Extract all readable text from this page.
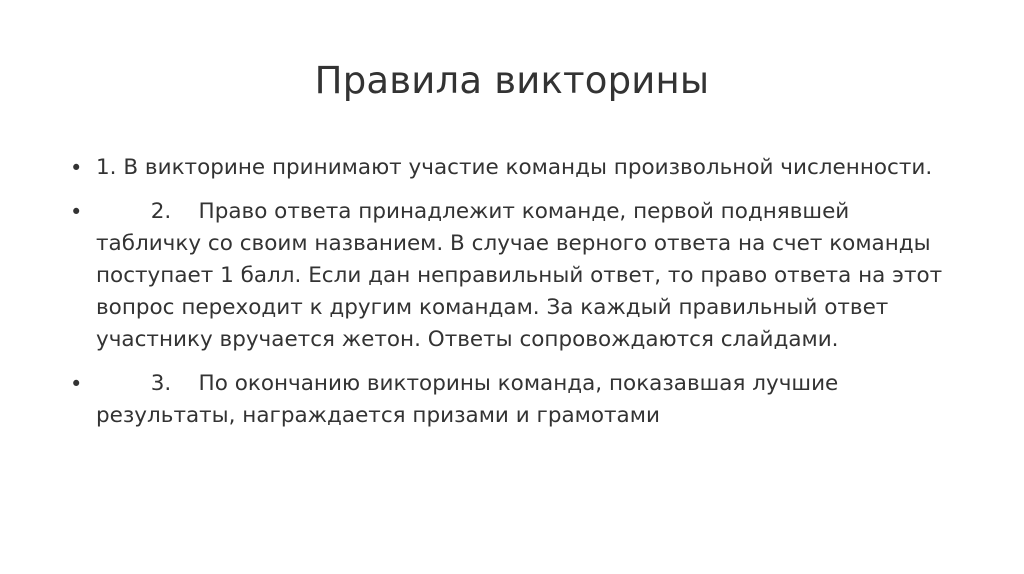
Правила викторины
• 1. В викторине принимают участие команды произвольной численности.
• 2.    Право ответа принадлежит команде, первой поднявшей табличку со своим названием. В случае верного ответа на счет команды поступает 1 балл. Если дан неправильный ответ, то право ответа на этот вопрос переходит к другим командам. За каждый правильный ответ участнику вручается жетон. Ответы сопровождаются слайдами.
• 3.    По окончанию викторины команда, показавшая лучшие результаты, награждается призами и грамотами
